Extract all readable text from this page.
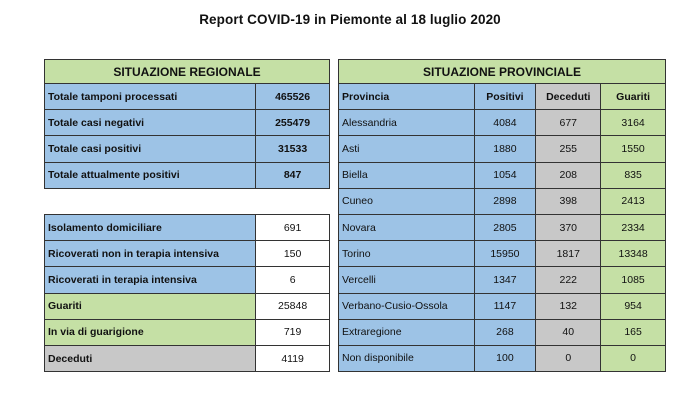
Report COVID-19 in Piemonte al 18 luglio 2020
SITUAZIONE REGIONALE	
Totale tamponi processati	465526
Totale casi negativi	255479
Totale casi positivi	31533
Totale attualmente positivi	847
Isolamento domiciliare	691
Ricoverati non in terapia intensiva	150
Ricoverati in terapia intensiva	6
Guariti	25848
In via di guarigione	719
Deceduti	4119
SITUAZIONE PROVINCIALE			
Provincia	Positivi	Deceduti	Guariti
Alessandria	4084	677	3164
Asti	1880	255	1550
Biella	1054	208	835
Cuneo	2898	398	2413
Novara	2805	370	2334
Torino	15950	1817	13348
Vercelli	1347	222	1085
Verbano-Cusio-Ossola	1147	132	954
Extraregione	268	40	165
Non disponibile	100	0	0
